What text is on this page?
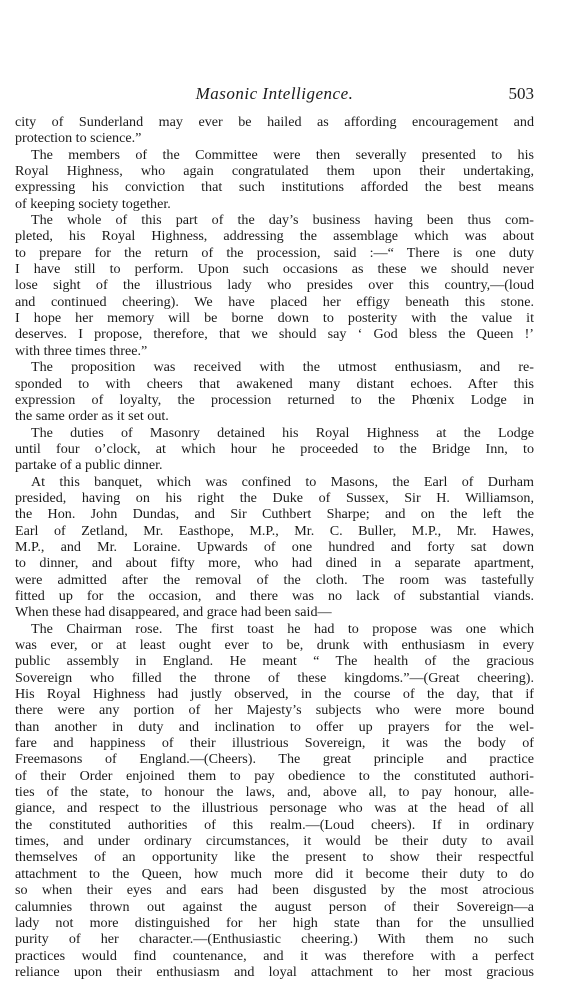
Masonic Intelligence.	503
city of Sunderland may ever be hailed as affording encouragement and
protection to science.”
The members of the Committee were then severally presented to his
Royal Highness, who again congratulated them upon their undertaking,
expressing his conviction that such institutions afforded the best means
of keeping society together.
The whole of this part of the day’s business having been thus com-
pleted, his Royal Highness, addressing the assemblage which was about
to prepare for the return of the procession, said :—“ There is one duty
I have still to perform. Upon such occasions as these we should never
lose sight of the illustrious lady who presides over this country,—(loud
and continued cheering). We have placed her effigy beneath this stone.
I hope her memory will be borne down to posterity with the value it
deserves. I propose, therefore, that we should say ‘ God bless the Queen !’
with three times three.”
The proposition was received with the utmost enthusiasm, and re-
sponded to with cheers that awakened many distant echoes. After this
expression of loyalty, the procession returned to the Phœnix Lodge in
the same order as it set out.
The duties of Masonry detained his Royal Highness at the Lodge
until four o’clock, at which hour he proceeded to the Bridge Inn, to
partake of a public dinner.
At this banquet, which was confined to Masons, the Earl of Durham
presided, having on his right the Duke of Sussex, Sir H. Williamson,
the Hon. John Dundas, and Sir Cuthbert Sharpe; and on the left the
Earl of Zetland, Mr. Easthope, M.P., Mr. C. Buller, M.P., Mr. Hawes,
M.P., and Mr. Loraine. Upwards of one hundred and forty sat down
to dinner, and about fifty more, who had dined in a separate apartment,
were admitted after the removal of the cloth. The room was tastefully
fitted up for the occasion, and there was no lack of substantial viands.
When these had disappeared, and grace had been said—
The Chairman rose. The first toast he had to propose was one which
was ever, or at least ought ever to be, drunk with enthusiasm in every
public assembly in England. He meant “ The health of the gracious
Sovereign who filled the throne of these kingdoms.”—(Great cheering).
His Royal Highness had justly observed, in the course of the day, that if
there were any portion of her Majesty’s subjects who were more bound
than another in duty and inclination to offer up prayers for the wel-
fare and happiness of their illustrious Sovereign, it was the body of
Freemasons of England.—(Cheers). The great principle and practice
of their Order enjoined them to pay obedience to the constituted authori-
ties of the state, to honour the laws, and, above all, to pay honour, alle-
giance, and respect to the illustrious personage who was at the head of all
the constituted authorities of this realm.—(Loud cheers). If in ordinary
times, and under ordinary circumstances, it would be their duty to avail
themselves of an opportunity like the present to show their respectful
attachment to the Queen, how much more did it become their duty to do
so when their eyes and ears had been disgusted by the most atrocious
calumnies thrown out against the august person of their Sovereign—a
lady not more distinguished for her high state than for the unsullied
purity of her character.—(Enthusiastic cheering.) With them no such
practices would find countenance, and it was therefore with a perfect
reliance upon their enthusiasm and loyal attachment to her most gracious
